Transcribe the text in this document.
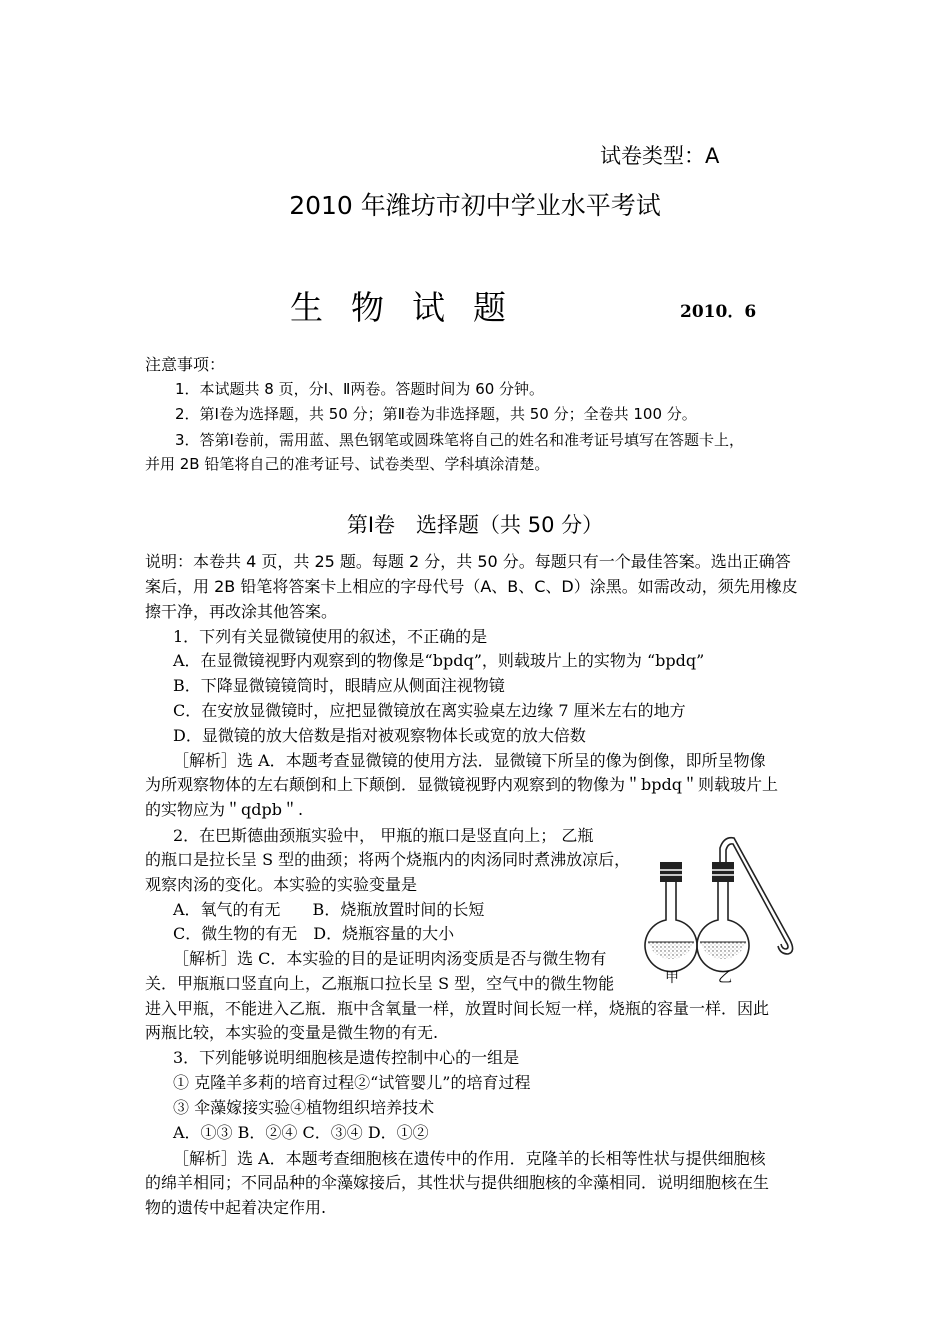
试卷类型：A
2010 年潍坊市初中学业水平考试
生物试题	2010．6
注意事项：
1．本试题共 8 页，分Ⅰ、Ⅱ两卷。答题时间为 60 分钟。
2．第Ⅰ卷为选择题，共 50 分；第Ⅱ卷为非选择题，共 50 分；全卷共 100 分。
3．答第Ⅰ卷前，需用蓝、黑色钢笔或圆珠笔将自己的姓名和准考证号填写在答题卡上，
并用 2B 铅笔将自己的准考证号、试卷类型、学科填涂清楚。
第Ⅰ卷　选择题（共 50 分）
说明：本卷共 4 页，共 25 题。每题 2 分，共 50 分。每题只有一个最佳答案。选出正确答
案后，用 2B 铅笔将答案卡上相应的字母代号（A、B、C、D）涂黑。如需改动，须先用橡皮
擦干净，再改涂其他答案。
1．下列有关显微镜使用的叙述，不正确的是
A．在显微镜视野内观察到的物像是“bpdq”，则载玻片上的实物为 “bpdq”
B．下降显微镜镜筒时，眼睛应从侧面注视物镜
C．在安放显微镜时，应把显微镜放在离实验桌左边缘 7 厘米左右的地方
D．显微镜的放大倍数是指对被观察物体长或宽的放大倍数
［解析］选 A．本题考查显微镜的使用方法．显微镜下所呈的像为倒像，即所呈物像
为所观察物体的左右颠倒和上下颠倒．显微镜视野内观察到的物像为＂bpdq＂则载玻片上
的实物应为＂qdpb＂.
2．在巴斯德曲颈瓶实验中， 甲瓶的瓶口是竖直向上； 乙瓶
的瓶口是拉长呈 S 型的曲颈；将两个烧瓶内的肉汤同时煮沸放凉后，
观察肉汤的变化。本实验的实验变量是
A．氧气的有无　　B．烧瓶放置时间的长短
C．微生物的有无　D．烧瓶容量的大小
［解析］选 C．本实验的目的是证明肉汤变质是否与微生物有
关．甲瓶瓶口竖直向上，乙瓶瓶口拉长呈 S 型，空气中的微生物能
进入甲瓶，不能进入乙瓶．瓶中含氧量一样，放置时间长短一样，烧瓶的容量一样．因此
两瓶比较，本实验的变量是微生物的有无.
甲	乙
3．下列能够说明细胞核是遗传控制中心的一组是
① 克隆羊多莉的培育过程②“试管婴儿”的培育过程
③ 伞藻嫁接实验④植物组织培养技术
A．①③ B．②④ C．③④ D．①②
［解析］选 A．本题考查细胞核在遗传中的作用．克隆羊的长相等性状与提供细胞核
的绵羊相同；不同品种的伞藻嫁接后，其性状与提供细胞核的伞藻相同．说明细胞核在生
物的遗传中起着决定作用.
